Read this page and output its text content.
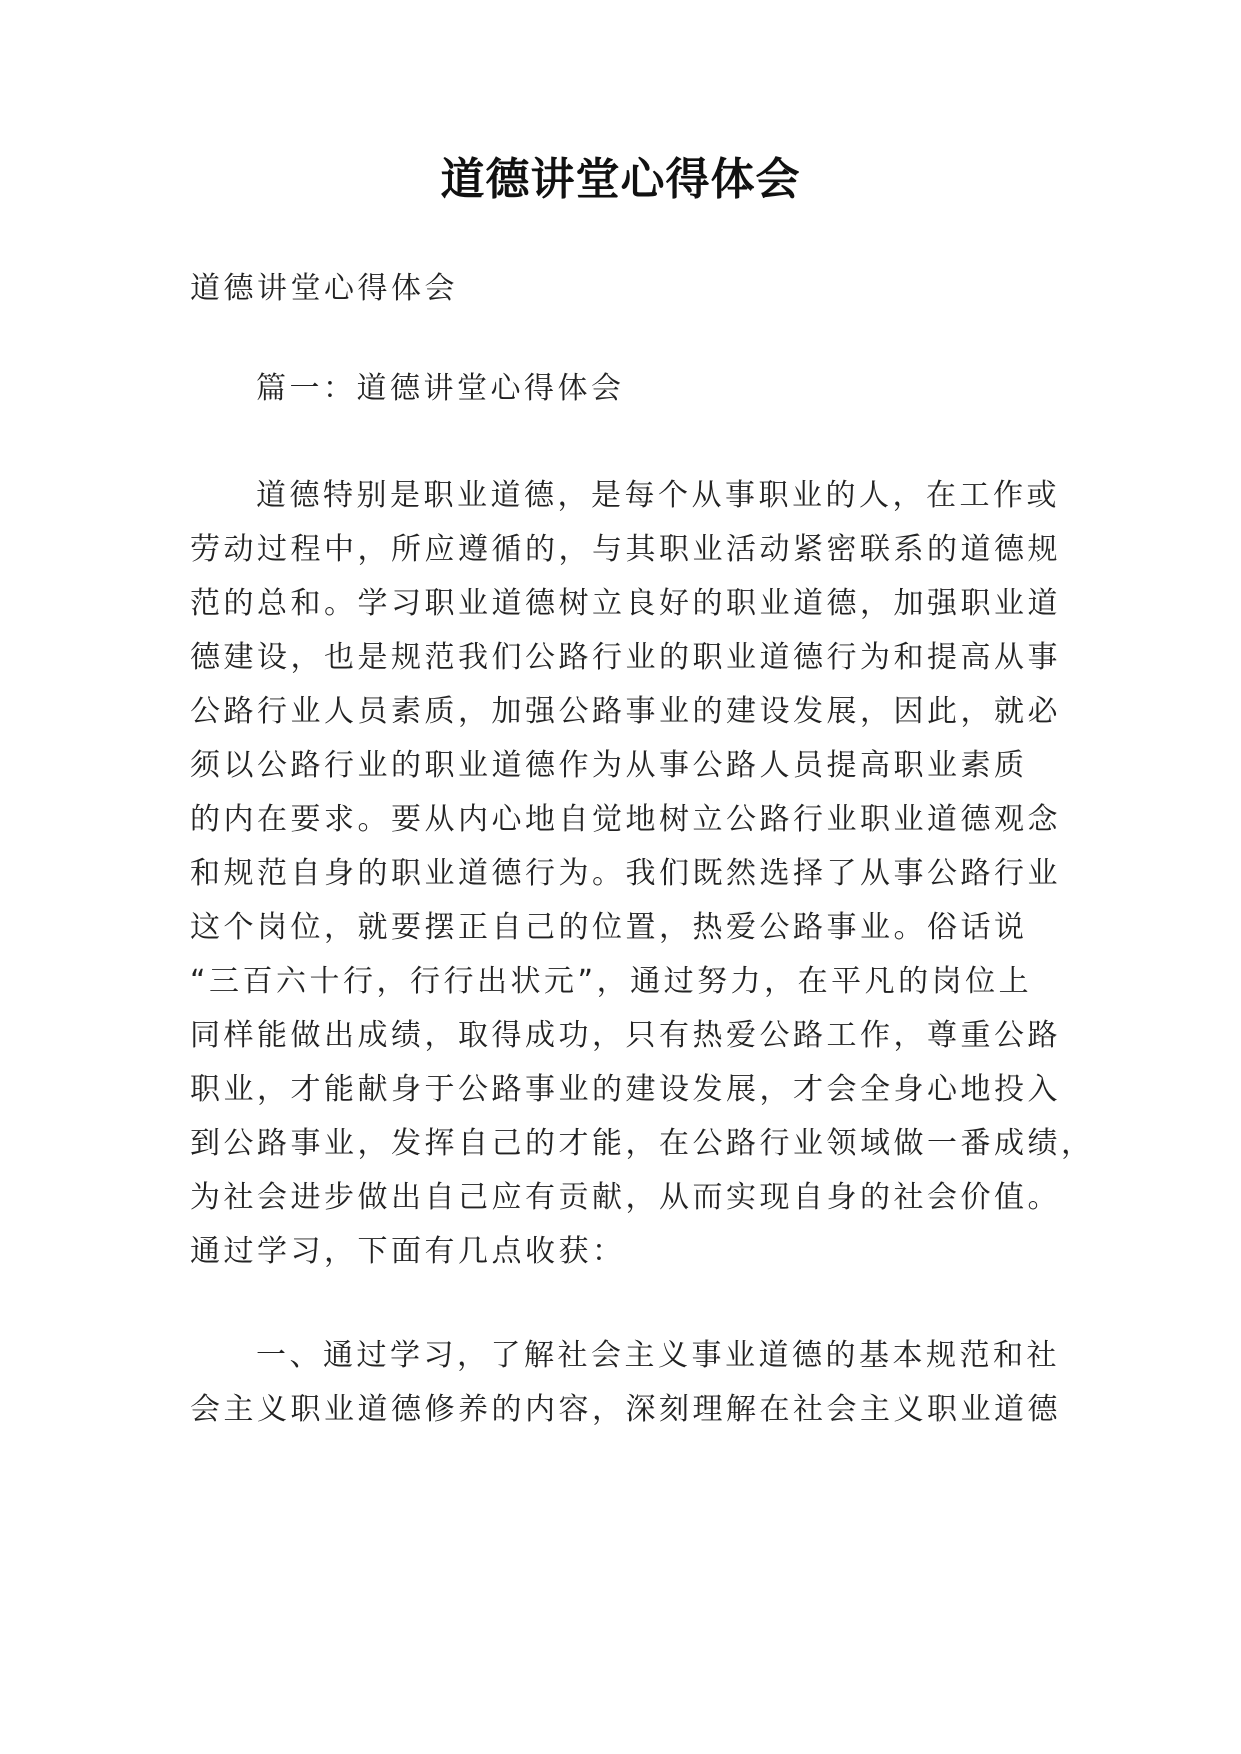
道德讲堂心得体会
道德讲堂心得体会
篇一：道德讲堂心得体会
道德特别是职业道德，是每个从事职业的人，在工作或
劳动过程中，所应遵循的，与其职业活动紧密联系的道德规
范的总和。学习职业道德树立良好的职业道德，加强职业道
德建设，也是规范我们公路行业的职业道德行为和提高从事
公路行业人员素质，加强公路事业的建设发展，因此，就必
须以公路行业的职业道德作为从事公路人员提高职业素质
的内在要求。要从内心地自觉地树立公路行业职业道德观念
和规范自身的职业道德行为。我们既然选择了从事公路行业
这个岗位，就要摆正自己的位置，热爱公路事业。俗话说
“三百六十行，行行出状元”，通过努力，在平凡的岗位上
同样能做出成绩，取得成功，只有热爱公路工作，尊重公路
职业，才能献身于公路事业的建设发展，才会全身心地投入
到公路事业，发挥自己的才能，在公路行业领域做一番成绩，
为社会进步做出自己应有贡献，从而实现自身的社会价值。
通过学习，下面有几点收获：
一、通过学习，了解社会主义事业道德的基本规范和社
会主义职业道德修养的内容，深刻理解在社会主义职业道德
